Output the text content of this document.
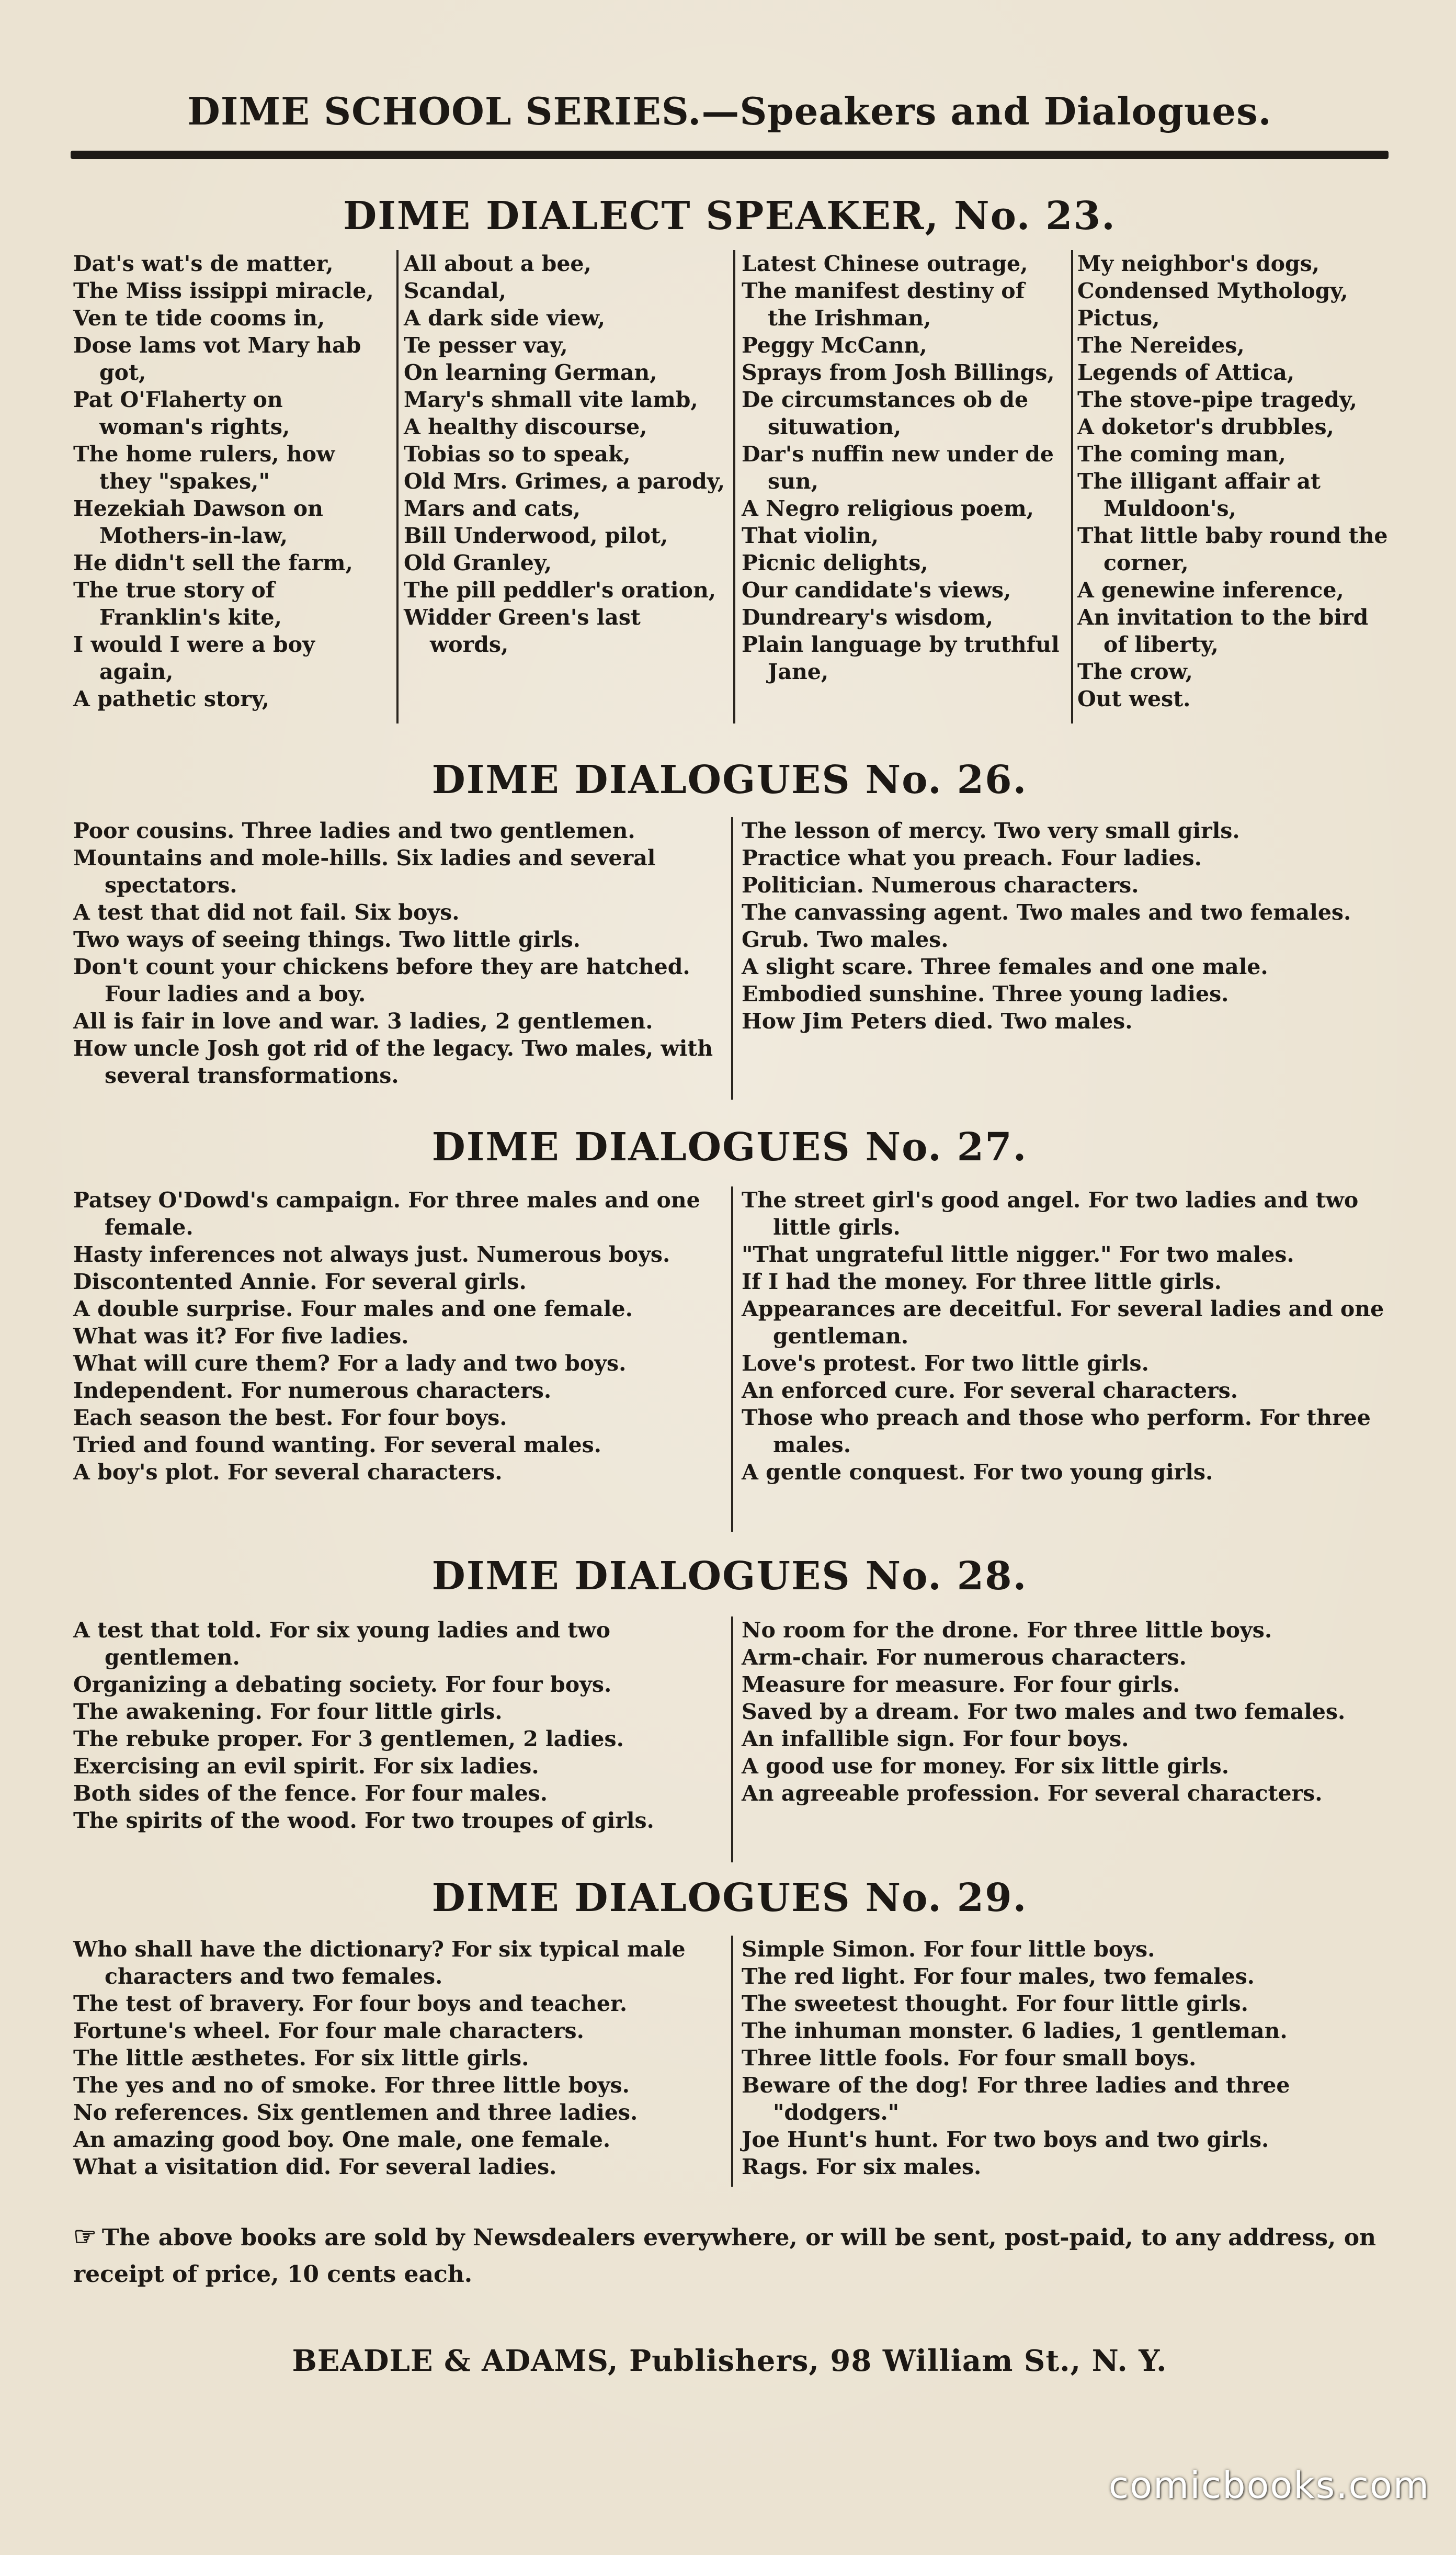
DIME SCHOOL SERIES.—Speakers and Dialogues.
DIME DIALECT SPEAKER, No. 23.
Dat's wat's de matter,
The Miss issippi miracle,
Ven te tide cooms in,
Dose lams vot Mary hab got,
Pat O'Flaherty on woman's rights,
The home rulers, how they "spakes,"
Hezekiah Dawson on Mothers-in-law,
He didn't sell the farm,
The true story of Franklin's kite,
I would I were a boy again,
A pathetic story,
All about a bee,
Scandal,
A dark side view,
Te pesser vay,
On learning German,
Mary's shmall vite lamb,
A healthy discourse,
Tobias so to speak,
Old Mrs. Grimes, a parody,
Mars and cats,
Bill Underwood, pilot,
Old Granley,
The pill peddler's oration,
Widder Green's last words,
Latest Chinese outrage,
The manifest destiny of the Irishman,
Peggy McCann,
Sprays from Josh Billings,
De circumstances ob de situwation,
Dar's nuffin new under de sun,
A Negro religious poem,
That violin,
Picnic delights,
Our candidate's views,
Dundreary's wisdom,
Plain language by truthful Jane,
My neighbor's dogs,
Condensed Mythology,
Pictus,
The Nereides,
Legends of Attica,
The stove-pipe tragedy,
A doketor's drubbles,
The coming man,
The illigant affair at Muldoon's,
That little baby round the corner,
A genewine inference,
An invitation to the bird of liberty,
The crow,
Out west.
DIME DIALOGUES No. 26.
Poor cousins. Three ladies and two gentlemen.
Mountains and mole-hills. Six ladies and several spectators.
A test that did not fail. Six boys.
Two ways of seeing things. Two little girls.
Don't count your chickens before they are hatched. Four ladies and a boy.
All is fair in love and war. 3 ladies, 2 gentlemen.
How uncle Josh got rid of the legacy. Two males, with several transformations.
The lesson of mercy. Two very small girls.
Practice what you preach. Four ladies.
Politician. Numerous characters.
The canvassing agent. Two males and two females.
Grub. Two males.
A slight scare. Three females and one male.
Embodied sunshine. Three young ladies.
How Jim Peters died. Two males.
DIME DIALOGUES No. 27.
Patsey O'Dowd's campaign. For three males and one female.
Hasty inferences not always just. Numerous boys.
Discontented Annie. For several girls.
A double surprise. Four males and one female.
What was it? For five ladies.
What will cure them? For a lady and two boys.
Independent. For numerous characters.
Each season the best. For four boys.
Tried and found wanting. For several males.
A boy's plot. For several characters.
The street girl's good angel. For two ladies and two little girls.
"That ungrateful little nigger." For two males.
If I had the money. For three little girls.
Appearances are deceitful. For several ladies and one gentleman.
Love's protest. For two little girls.
An enforced cure. For several characters.
Those who preach and those who perform. For three males.
A gentle conquest. For two young girls.
DIME DIALOGUES No. 28.
A test that told. For six young ladies and two gentlemen.
Organizing a debating society. For four boys.
The awakening. For four little girls.
The rebuke proper. For 3 gentlemen, 2 ladies.
Exercising an evil spirit. For six ladies.
Both sides of the fence. For four males.
The spirits of the wood. For two troupes of girls.
No room for the drone. For three little boys.
Arm-chair. For numerous characters.
Measure for measure. For four girls.
Saved by a dream. For two males and two females.
An infallible sign. For four boys.
A good use for money. For six little girls.
An agreeable profession. For several characters.
DIME DIALOGUES No. 29.
Who shall have the dictionary? For six typical male characters and two females.
The test of bravery. For four boys and teacher.
Fortune's wheel. For four male characters.
The little æsthetes. For six little girls.
The yes and no of smoke. For three little boys.
No references. Six gentlemen and three ladies.
An amazing good boy. One male, one female.
What a visitation did. For several ladies.
Simple Simon. For four little boys.
The red light. For four males, two females.
The sweetest thought. For four little girls.
The inhuman monster. 6 ladies, 1 gentleman.
Three little fools. For four small boys.
Beware of the dog! For three ladies and three "dodgers."
Joe Hunt's hunt. For two boys and two girls.
Rags. For six males.
☞ The above books are sold by Newsdealers everywhere, or will be sent, post-paid, to any address, on receipt of price, 10 cents each.
BEADLE & ADAMS, Publishers, 98 William St., N. Y.
comicbooks.com
